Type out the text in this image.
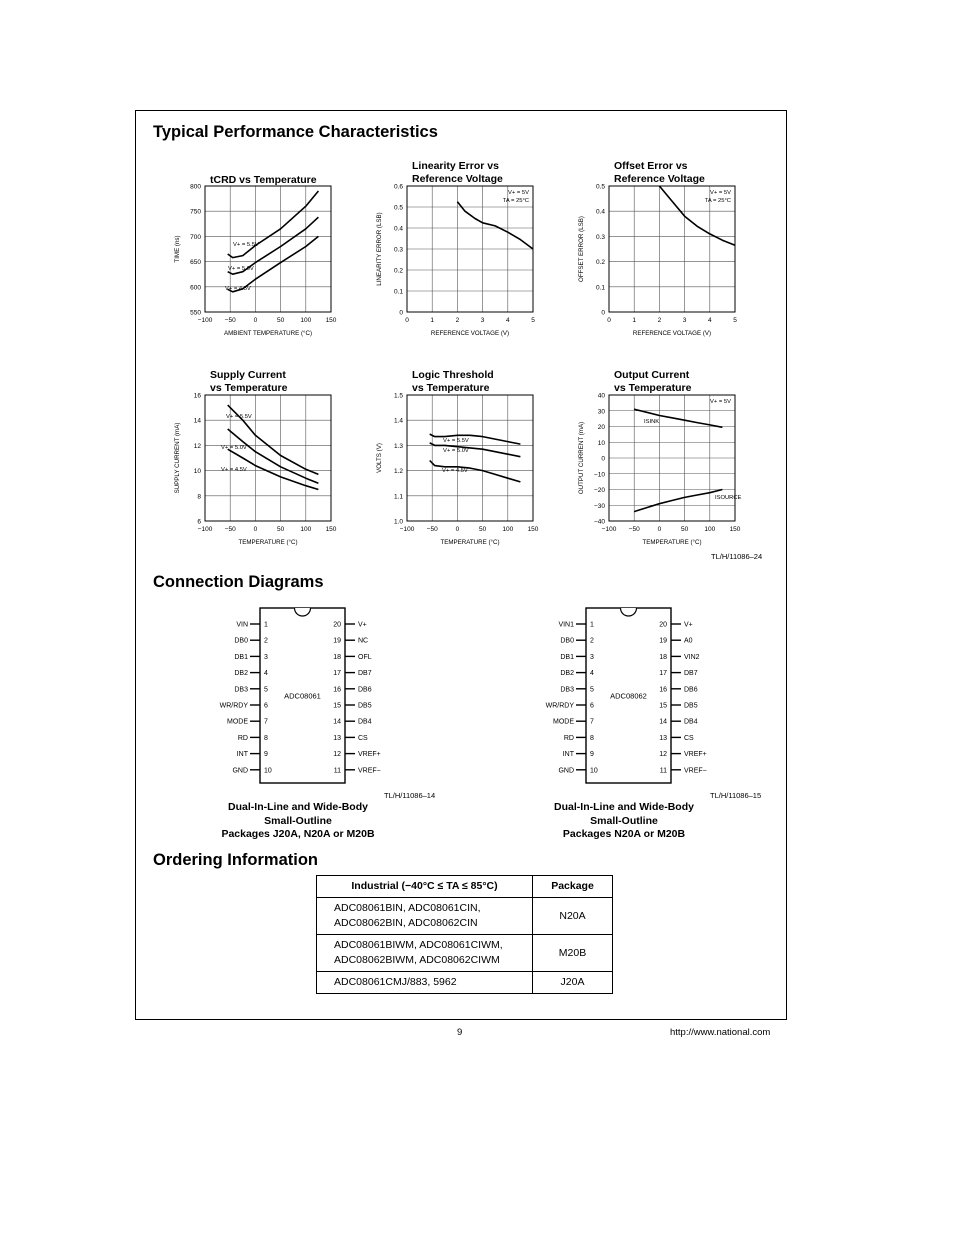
Typical Performance Characteristics
tCRD vs Temperature
−100 −50	0	50 100 150
550
600
650
700
750
800
AMBIENT TEMPERATURE (°C)
TIME (ns)	V+ = 5.5V
V+ = 5.0V
V+ = 4.5V
Linearity Error vs
Reference Voltage
0	1	2	3	4	5
0
0.1
0.2
0.3
0.4
0.5
0.6
REFERENCE VOLTAGE (V)
LINEARITY ERROR (LSB)
V+ = 5V
TA = 25°C
Offset Error vs
Reference Voltage
0	1	2	3	4	5
0
0.1
0.2
0.3
0.4
0.5
REFERENCE VOLTAGE (V)
OFFSET ERROR (LSB)
V+ = 5V
TA = 25°C
Supply Current
vs Temperature
−100 −50	0	50 100 150
6
8
10
12
14
16
TEMPERATURE (°C)
SUPPLY CURRENT (mA)
V+ = 5.5V
V+ = 5.0V
V+ = 4.5V
Logic Threshold
vs Temperature
−100 −50	0	50 100 150
1.0
1.1
1.2
1.3
1.4
1.5
TEMPERATURE (°C)
VOLTS (V)
V+ = 5.5V
V+ = 5.0V
V+ = 4.5V
Output Current
vs Temperature
−100 −50	0	50 100 150
−40
−30
−20
−10
0
10
20
30
40
TEMPERATURE (°C)
OUTPUT CURRENT (mA)	ISINK
ISOURCE
V+ = 5V
TL/H/11086–24
Connection Diagrams
ADC08061
1
VIN	20 V+
2
DB0	19 NC
3
DB1	18 OFL
4
DB2	17 DB7
5
DB3	16 DB6
6
WR/RDY	15 DB5
7
MODE	14 DB4
8
RD	13 CS
9
INT	12 VREF+
10
GND	11 VREF−
ADC08062
1
VIN1	20 V+
2
DB0	19 A0
3
DB1	18 VIN2
4
DB2	17 DB7
5
DB3	16 DB6
6
WR/RDY	15 DB5
7
MODE	14 DB4
8
RD	13 CS
9
INT	12 VREF+
10
GND	11 VREF−
TL/H/11086–14	TL/H/11086–15
Dual-In-Line and Wide-Body
Small-Outline
Packages J20A, N20A or M20B
Dual-In-Line and Wide-Body
Small-Outline
Packages N20A or M20B
Ordering Information
Industrial (−40°C ≤ TA ≤ 85°C)	Package

ADC08061BIN, ADC08061CIN,
ADC08062BIN, ADC08062CIN	N20A

ADC08061BIWM, ADC08061CIWM,
ADC08062BIWM, ADC08062CIWM	M20B

ADC08061CMJ/883, 5962	J20A
9	http://www.national.com
